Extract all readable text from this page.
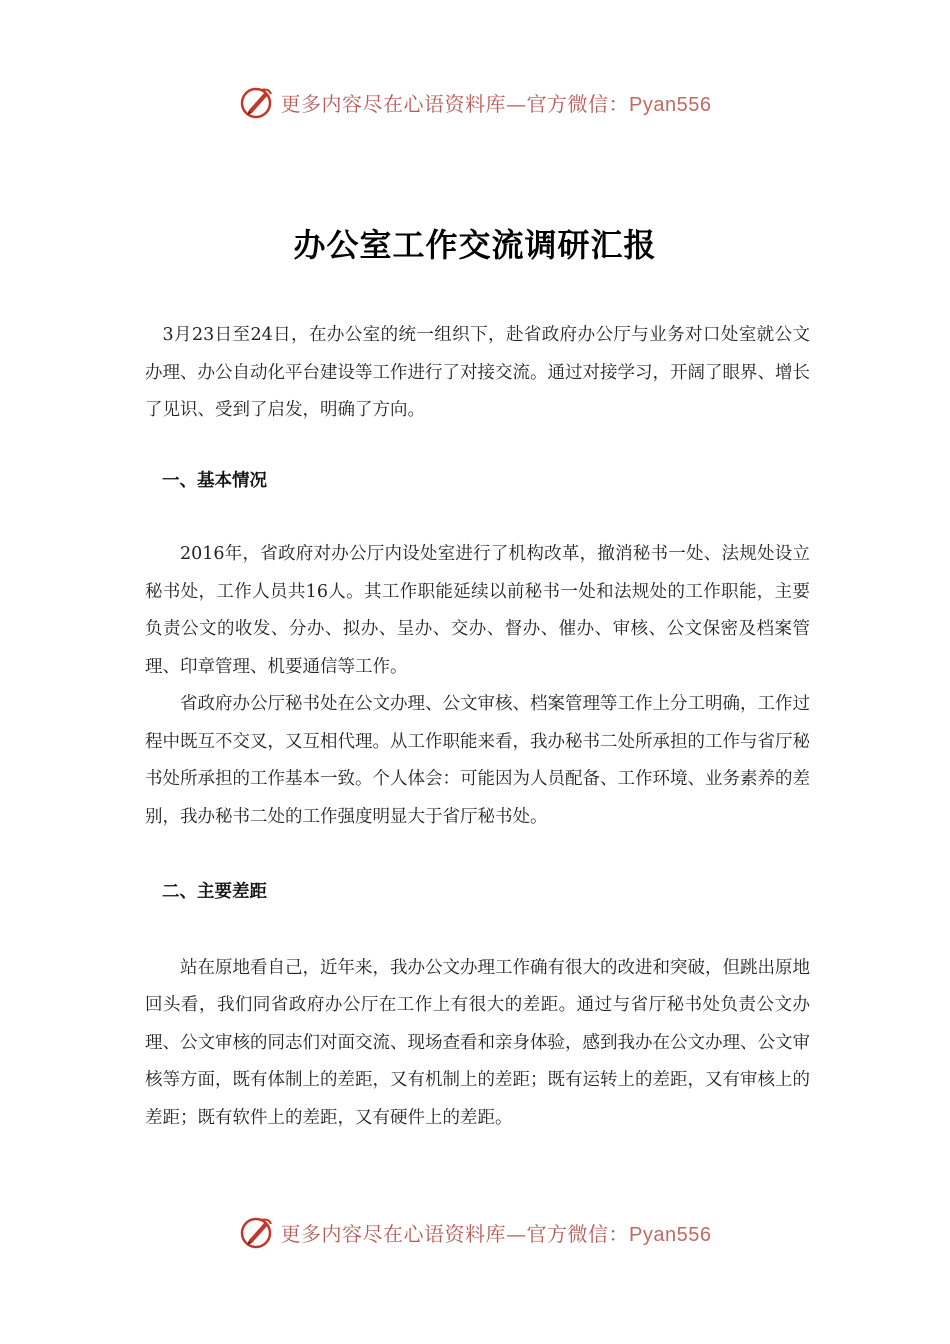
更多内容尽在心语资料库—官方微信：Pyan556
办公室工作交流调研汇报

3月23日至24日，在办公室的统一组织下，赴省政府办公厅与业务对口处室就公文办理、办公自动化平台建设等工作进行了对接交流。通过对接学习，开阔了眼界、增长了见识、受到了启发，明确了方向。

一、基本情况

2016年，省政府对办公厅内设处室进行了机构改革，撤消秘书一处、法规处设立秘书处，工作人员共16人。其工作职能延续以前秘书一处和法规处的工作职能，主要负责公文的收发、分办、拟办、呈办、交办、督办、催办、审核、公文保密及档案管理、印章管理、机要通信等工作。

省政府办公厅秘书处在公文办理、公文审核、档案管理等工作上分工明确，工作过程中既互不交叉，又互相代理。从工作职能来看，我办秘书二处所承担的工作与省厅秘书处所承担的工作基本一致。个人体会：可能因为人员配备、工作环境、业务素养的差别，我办秘书二处的工作强度明显大于省厅秘书处。

二、主要差距

站在原地看自己，近年来，我办公文办理工作确有很大的改进和突破，但跳出原地回头看，我们同省政府办公厅在工作上有很大的差距。通过与省厅秘书处负责公文办理、公文审核的同志们对面交流、现场查看和亲身体验，感到我办在公文办理、公文审核等方面，既有体制上的差距，又有机制上的差距；既有运转上的差距，又有审核上的差距；既有软件上的差距，又有硬件上的差距。

更多内容尽在心语资料库—官方微信：Pyan556
